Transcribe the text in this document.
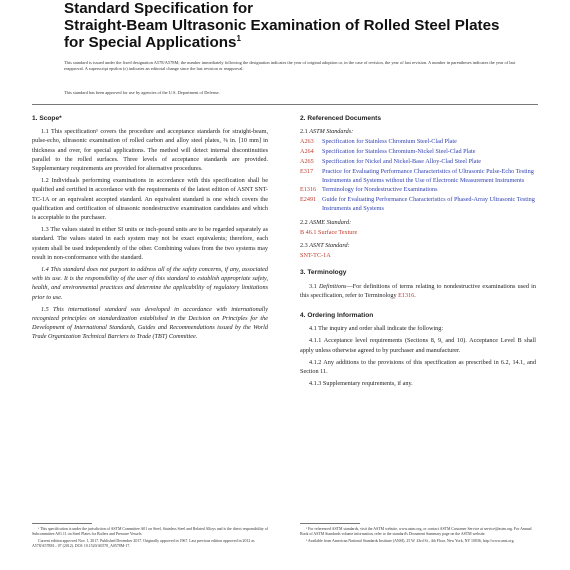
Standard Specification for
Straight-Beam Ultrasonic Examination of Rolled Steel Plates
for Special Applications$^1$
This standard is issued under the fixed designation A578/A578M; the number immediately following the designation indicates the year of original adoption or, in the case of revision, the year of last revision. A number in parentheses indicates the year of last reapproval. A superscript epsilon (ε) indicates an editorial change since the last revision or reapproval.
This standard has been approved for use by agencies of the U.S. Department of Defense.
1. Scope*

1.1 This specification¹ covers the procedure and acceptance standards for straight-beam, pulse-echo, ultrasonic examination of rolled carbon and alloy steel plates, ⅜ in. [10 mm] in thickness and over, for special applications. The method will detect internal discontinuities parallel to the rolled surfaces. Three levels of acceptance standards are provided. Supplementary requirements are provided for alternative procedures.

1.2 Individuals performing examinations in accordance with this specification shall be qualified and certified in accordance with the requirements of the latest edition of ASNT SNT-TC-1A or an equivalent accepted standard. An equivalent standard is one which covers the qualification and certification of ultrasonic nondestructive examination candidates and which is acceptable to the purchaser.

1.3 The values stated in either SI units or inch-pound units are to be regarded separately as standard. The values stated in each system may not be exact equivalents; therefore, each system shall be used independently of the other. Combining values from the two systems may result in non-conformance with the standard.

1.4 This standard does not purport to address all of the safety concerns, if any, associated with its use. It is the responsibility of the user of this standard to establish appropriate safety, health, and environmental practices and determine the applicability of regulatory limitations prior to use.

1.5 This international standard was developed in accordance with internationally recognized principles on standardization established in the Decision on Principles for the Development of International Standards, Guides and Recommendations issued by the World Trade Organization Technical Barriers to Trade (TBT) Committee.

2. Referenced Documents
2.1 ASTM Standards:
A263	Specification for Stainless Chromium Steel-Clad Plate
A264	Specification for Stainless Chromium-Nickel Steel-Clad Plate
A265	Specification for Nickel and Nickel-Base Alloy-Clad Steel Plate
E317	Practice for Evaluating Performance Characteristics of Ultrasonic Pulse-Echo Testing Instruments and Systems without the Use of Electronic Measurement Instruments
E1316 Terminology for Nondestructive Examinations
E2491 Guide for Evaluating Performance Characteristics of Phased-Array Ultrasonic Testing Instruments and Systems
2.2 ASME Standard:
B 46.1 Surface Texture
2.3 ASNT Standard:
SNT-TC-1A
3. Terminology

3.1 Definitions—For definitions of terms relating to nondestructive examinations used in this specification, refer to Terminology E1316.

4. Ordering Information

4.1 The inquiry and order shall indicate the following:

4.1.1 Acceptance level requirements (Sections 8, 9, and 10). Acceptance Level B shall apply unless otherwise agreed to by purchaser and manufacturer.

4.1.2 Any additions to the provisions of this specification as prescribed in 6.2, 14.1, and Section 11.

4.1.3 Supplementary requirements, if any.

¹ This specification is under the jurisdiction of ASTM Committee A01 on Steel, Stainless Steel and Related Alloys and is the direct responsibility of Subcommittee A01.11 on Steel Plates for Boilers and Pressure Vessels.

Current edition approved Nov. 1, 2017. Published December 2017. Originally approved in 1967. Last previous edition approved in 2012 as A578/A578M – 07 (2012). DOI: 10.1520/A0578_A0578M-17.

² For referenced ASTM standards, visit the ASTM website, www.astm.org, or contact ASTM Customer Service at service@astm.org. For Annual Book of ASTM Standards volume information, refer to the standard's Document Summary page on the ASTM website.

³ Available from American National Standards Institute (ANSI), 25 W. 43rd St., 4th Floor, New York, NY 10036, http://www.ansi.org.
